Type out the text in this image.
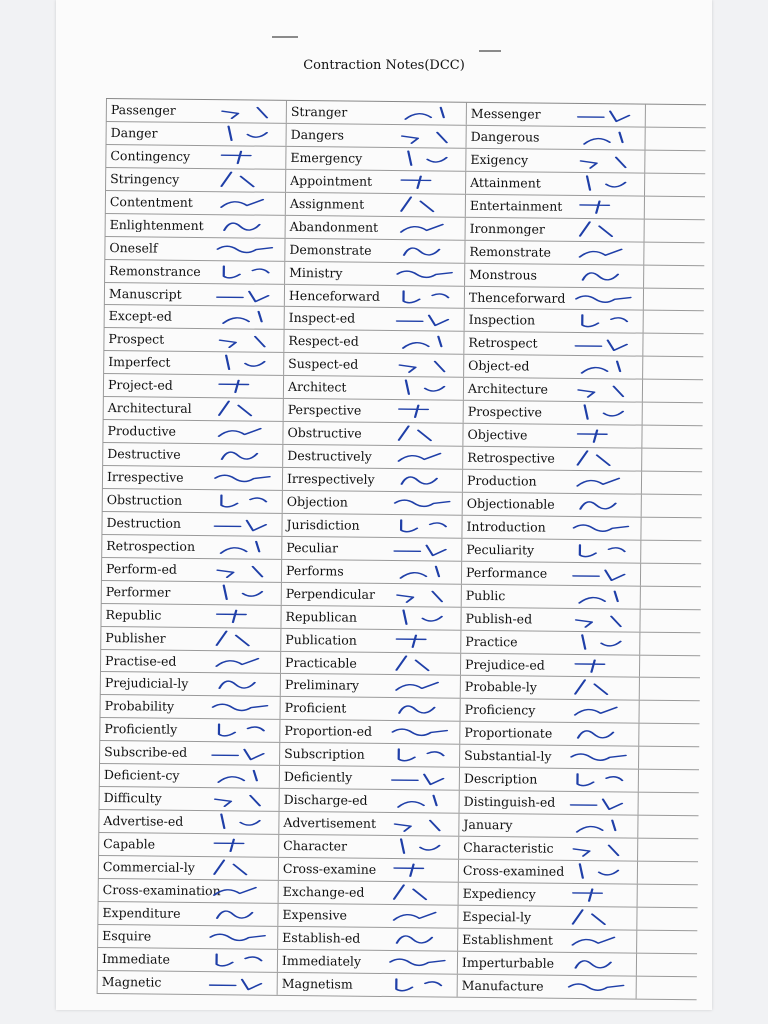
Contraction Notes(DCC)
Passenger	Stranger	Messenger
Danger	Dangers	Dangerous
Contingency	Emergency	Exigency
Stringency	Appointment	Attainment
Contentment	Assignment	Entertainment
Enlightenment	Abandonment	Ironmonger
Oneself	Demonstrate	Remonstrate
Remonstrance	Ministry	Monstrous
Manuscript	Henceforward	Thenceforward
Except-ed	Inspect-ed	Inspection
Prospect	Respect-ed	Retrospect
Imperfect	Suspect-ed	Object-ed
Project-ed	Architect	Architecture
Architectural	Perspective	Prospective
Productive	Obstructive	Objective
Destructive	Destructively	Retrospective
Irrespective	Irrespectively	Production
Obstruction	Objection	Objectionable
Destruction	Jurisdiction	Introduction
Retrospection	Peculiar	Peculiarity
Perform-ed	Performs	Performance
Performer	Perpendicular	Public
Republic	Republican	Publish-ed
Publisher	Publication	Practice
Practise-ed	Practicable	Prejudice-ed
Prejudicial-ly	Preliminary	Probable-ly
Probability	Proficient	Proficiency
Proficiently	Proportion-ed	Proportionate
Subscribe-ed	Subscription	Substantial-ly
Deficient-cy	Deficiently	Description
Difficulty	Discharge-ed	Distinguish-ed
Advertise-ed	Advertisement	January
Capable	Character	Characteristic
Commercial-ly	Cross-examine	Cross-examined
Cross-examination	Exchange-ed	Expediency
Expenditure	Expensive	Especial-ly
Esquire	Establish-ed	Establishment
Immediate	Immediately	Imperturbable
Magnetic	Magnetism	Manufacture
